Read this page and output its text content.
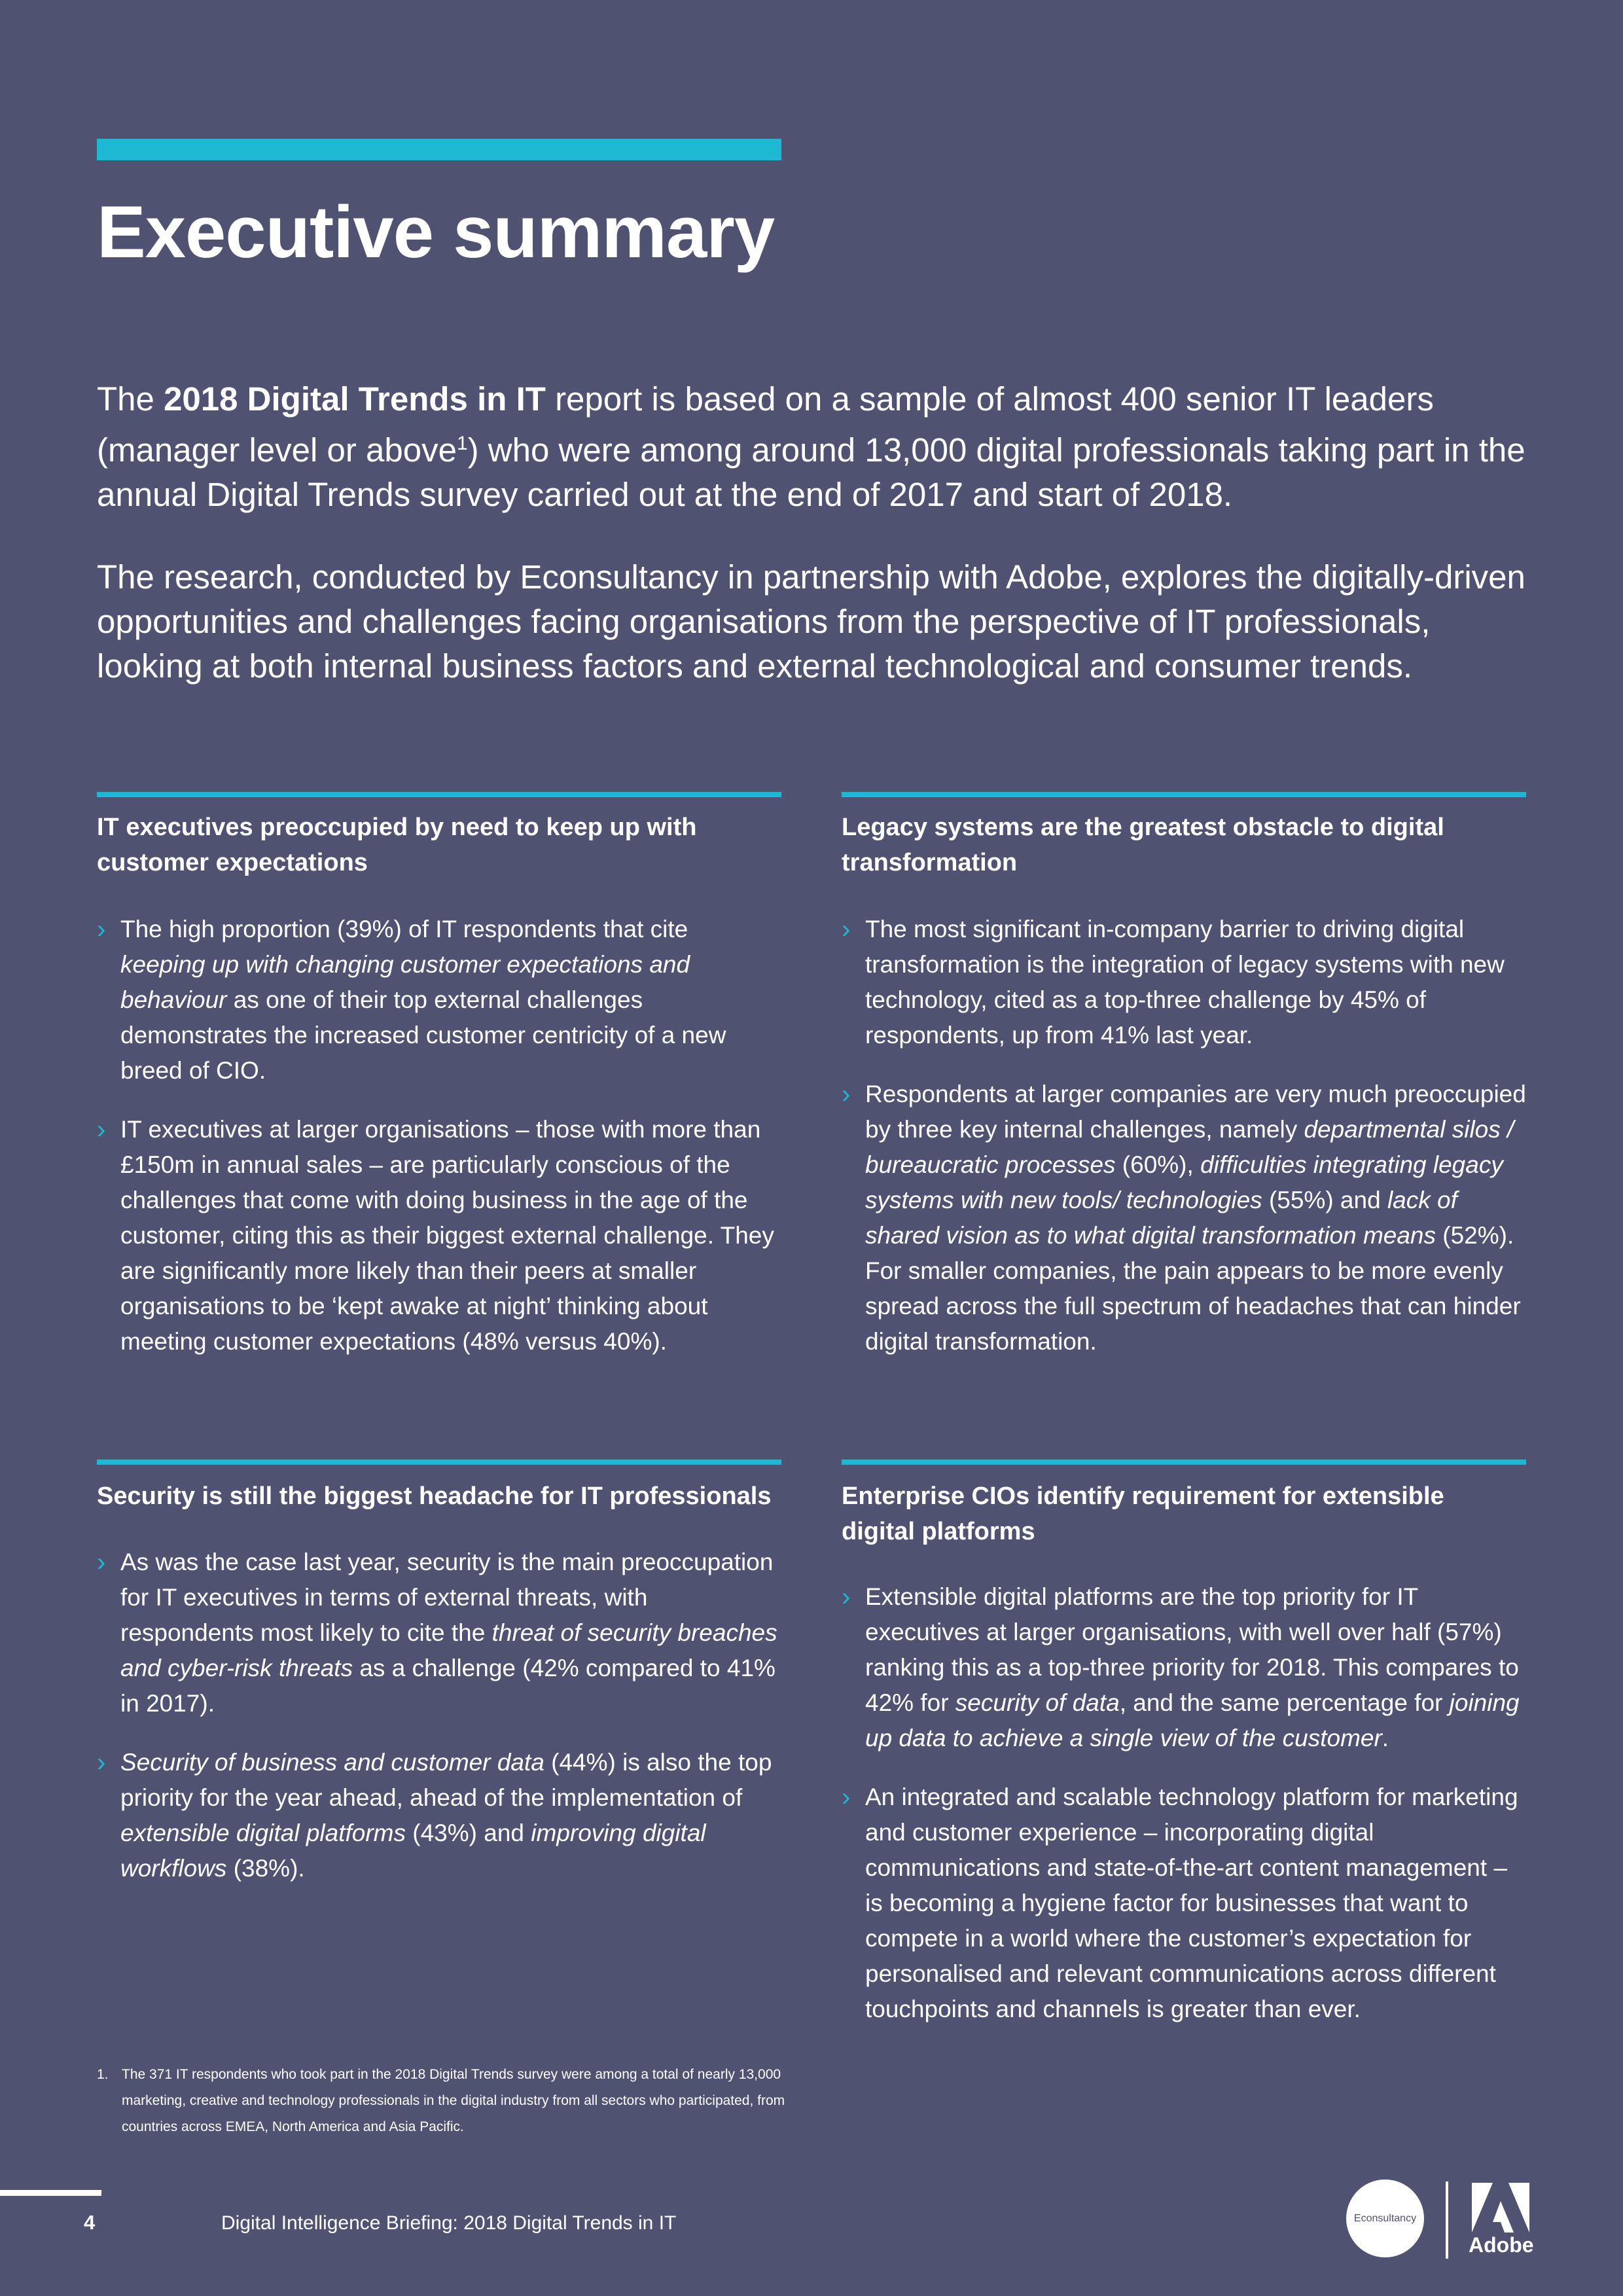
Executive summary

The 2018 Digital Trends in IT report is based on a sample of almost 400 senior IT leaders (manager level or above$^1$) who were among around 13,000 digital professionals taking part in the annual Digital Trends survey carried out at the end of 2017 and start of 2018.

The research, conducted by Econsultancy in partnership with Adobe, explores the digitally-driven opportunities and challenges facing organisations from the perspective of IT professionals, looking at both internal business factors and external technological and consumer trends.

IT executives preoccupied by need to keep up with customer expectations
› The high proportion (39%) of IT respondents that cite keeping up with changing customer expectations and behaviour as one of their top external challenges demonstrates the increased customer centricity of a new breed of CIO.
› IT executives at larger organisations – those with more than £150m in annual sales – are particularly conscious of the challenges that come with doing business in the age of the customer, citing this as their biggest external challenge. They are significantly more likely than their peers at smaller organisations to be ‘kept awake at night’ thinking about meeting customer expectations (48% versus 40%).
Legacy systems are the greatest obstacle to digital transformation
› The most significant in-company barrier to driving digital transformation is the integration of legacy systems with new technology, cited as a top-three challenge by 45% of respondents, up from 41% last year.
› Respondents at larger companies are very much preoccupied by three key internal challenges, namely departmental silos / bureaucratic processes (60%), difficulties integrating legacy systems with new tools/ technologies (55%) and lack of shared vision as to what digital transformation means (52%). For smaller companies, the pain appears to be more evenly spread across the full spectrum of headaches that can hinder digital transformation.
Security is still the biggest headache for IT professionals
› As was the case last year, security is the main preoccupation for IT executives in terms of external threats, with respondents most likely to cite the threat of security breaches and cyber-risk threats as a challenge (42% compared to 41% in 2017).
› Security of business and customer data (44%) is also the top priority for the year ahead, ahead of the implementation of extensible digital platforms (43%) and improving digital workflows (38%).
Enterprise CIOs identify requirement for extensible digital platforms
› Extensible digital platforms are the top priority for IT executives at larger organisations, with well over half (57%) ranking this as a top-three priority for 2018. This compares to 42% for security of data, and the same percentage for joining up data to achieve a single view of the customer.
› An integrated and scalable technology platform for marketing and customer experience – incorporating digital communications and state-of-the-art content management – is becoming a hygiene factor for businesses that want to compete in a world where the customer’s expectation for personalised and relevant communications across different touchpoints and channels is greater than ever.

1. The 371 IT respondents who took part in the 2018 Digital Trends survey were among a total of nearly 13,000 marketing, creative and technology professionals in the digital industry from all sectors who participated, from countries across EMEA, North America and Asia Pacific.

4	Digital Intelligence Briefing: 2018 Digital Trends in IT	Econsultancy
Adobe
